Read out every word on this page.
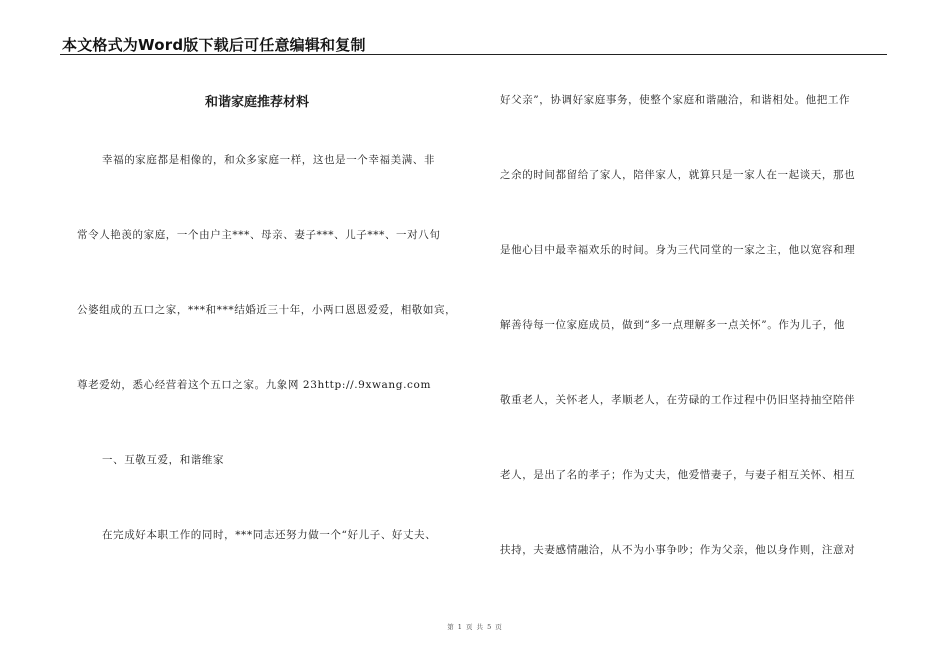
本文格式为Word版下载后可任意编辑和复制
和谐家庭推荐材料
幸福的家庭都是相像的，和众多家庭一样，这也是一个幸福美满、非
常令人艳羡的家庭，一个由户主***、母亲、妻子***、儿子***、一对八旬
公婆组成的五口之家，***和***结婚近三十年，小两口恩恩爱爱，相敬如宾，
尊老爱幼，悉心经营着这个五口之家。九象网 23http://.9xwang.com
一、互敬互爱，和谐维家
在完成好本职工作的同时，***同志还努力做一个“好儿子、好丈夫、
好父亲”，协调好家庭事务，使整个家庭和谐融洽，和谐相处。他把工作
之余的时间都留给了家人，陪伴家人，就算只是一家人在一起谈天，那也
是他心目中最幸福欢乐的时间。身为三代同堂的一家之主，他以宽容和理
解善待每一位家庭成员，做到“多一点理解多一点关怀”。作为儿子，他
敬重老人，关怀老人，孝顺老人，在劳碌的工作过程中仍旧坚持抽空陪伴
老人，是出了名的孝子；作为丈夫，他爱惜妻子，与妻子相互关怀、相互
扶持，夫妻感情融洽，从不为小事争吵；作为父亲，他以身作则，注意对
第 1 页 共 5 页
